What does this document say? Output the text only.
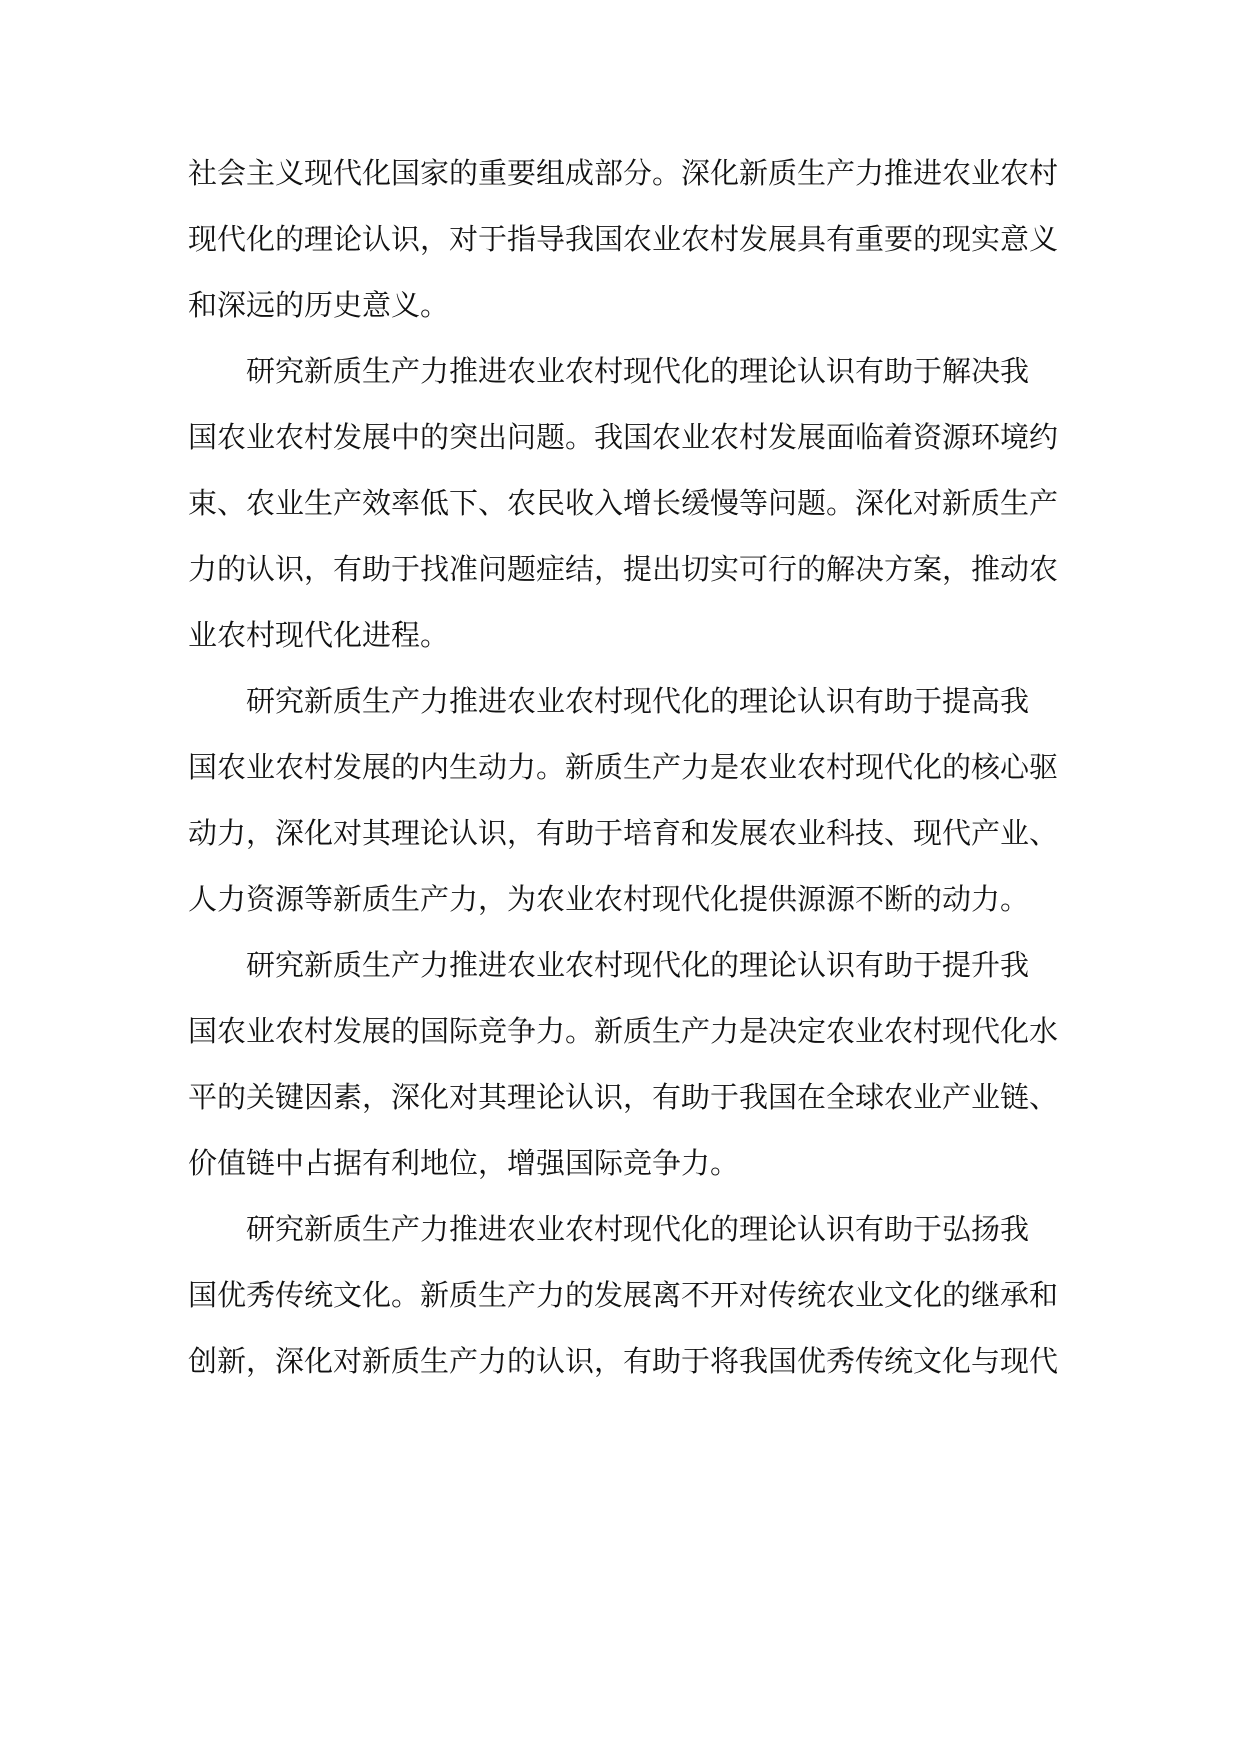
社会主义现代化国家的重要组成部分。深化新质生产力推进农业农村
现代化的理论认识，对于指导我国农业农村发展具有重要的现实意义
和深远的历史意义。
研究新质生产力推进农业农村现代化的理论认识有助于解决我
国农业农村发展中的突出问题。我国农业农村发展面临着资源环境约
束、农业生产效率低下、农民收入增长缓慢等问题。深化对新质生产
力的认识，有助于找准问题症结，提出切实可行的解决方案，推动农
业农村现代化进程。
研究新质生产力推进农业农村现代化的理论认识有助于提高我
国农业农村发展的内生动力。新质生产力是农业农村现代化的核心驱
动力，深化对其理论认识，有助于培育和发展农业科技、现代产业、
人力资源等新质生产力，为农业农村现代化提供源源不断的动力。
研究新质生产力推进农业农村现代化的理论认识有助于提升我
国农业农村发展的国际竞争力。新质生产力是决定农业农村现代化水
平的关键因素，深化对其理论认识，有助于我国在全球农业产业链、
价值链中占据有利地位，增强国际竞争力。
研究新质生产力推进农业农村现代化的理论认识有助于弘扬我
国优秀传统文化。新质生产力的发展离不开对传统农业文化的继承和
创新，深化对新质生产力的认识，有助于将我国优秀传统文化与现代
